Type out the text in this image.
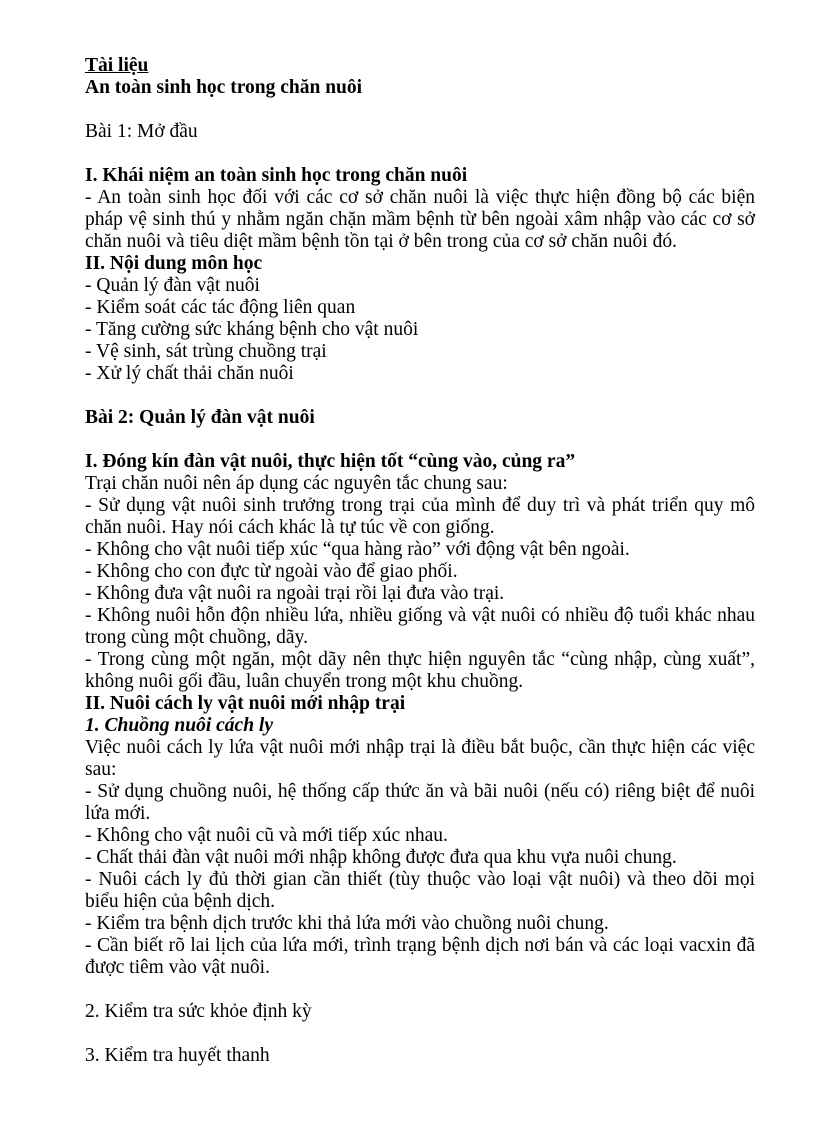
Tài liệu

An toàn sinh học trong chăn nuôi

Bài 1: Mở đầu

I. Khái niệm an toàn sinh học trong chăn nuôi

- An toàn sinh học đối với các cơ sở chăn nuôi là việc thực hiện đồng bộ các biện pháp vệ sinh thú y nhằm ngăn chặn mầm bệnh từ bên ngoài xâm nhập vào các cơ sở chăn nuôi và tiêu diệt mầm bệnh tồn tại ở bên trong của cơ sở chăn nuôi đó.

II. Nội dung môn học

- Quản lý đàn vật nuôi

- Kiểm soát các tác động liên quan

- Tăng cường sức kháng bệnh cho vật nuôi

- Vệ sinh, sát trùng chuồng trại

- Xử lý chất thải chăn nuôi

Bài 2: Quản lý đàn vật nuôi

I. Đóng kín đàn vật nuôi, thực hiện tốt “cùng vào, củng ra”

Trại chăn nuôi nên áp dụng các nguyên tắc chung sau:

- Sử dụng vật nuôi sinh trưởng trong trại của mình để duy trì và phát triển quy mô chăn nuôi. Hay nói cách khác là tự túc về con giống.

- Không cho vật nuôi tiếp xúc “qua hàng rào” với động vật bên ngoài.

- Không cho con đực từ ngoài vào để giao phối.

- Không đưa vật nuôi ra ngoài trại rồi lại đưa vào trại.

- Không nuôi hỗn độn nhiều lứa, nhiều giống và vật nuôi có nhiều độ tuổi khác nhau trong cùng một chuồng, dãy.

- Trong cùng một ngăn, một dãy nên thực hiện nguyên tắc “cùng nhập, cùng xuất”, không nuôi gối đầu, luân chuyển trong một khu chuồng.

II. Nuôi cách ly vật nuôi mới nhập trại

1. Chuồng nuôi cách ly

Việc nuôi cách ly lứa vật nuôi mới nhập trại là điều bắt buộc, cần thực hiện các việc sau:

- Sử dụng chuồng nuôi, hệ thống cấp thức ăn và bãi nuôi (nếu có) riêng biệt để nuôi lứa mới.

- Không cho vật nuôi cũ và mới tiếp xúc nhau.

- Chất thải đàn vật nuôi mới nhập không được đưa qua khu vựa nuôi chung.

- Nuôi cách ly đủ thời gian cần thiết (tùy thuộc vào loại vật nuôi) và theo dõi mọi biểu hiện của bệnh dịch.

- Kiểm tra bệnh dịch trước khi thả lứa mới vào chuồng nuôi chung.

- Cần biết rõ lai lịch của lứa mới, trình trạng bệnh dịch nơi bán và các loại vacxin đã được tiêm vào vật nuôi.

2. Kiểm tra sức khỏe định kỳ

3. Kiểm tra huyết thanh
